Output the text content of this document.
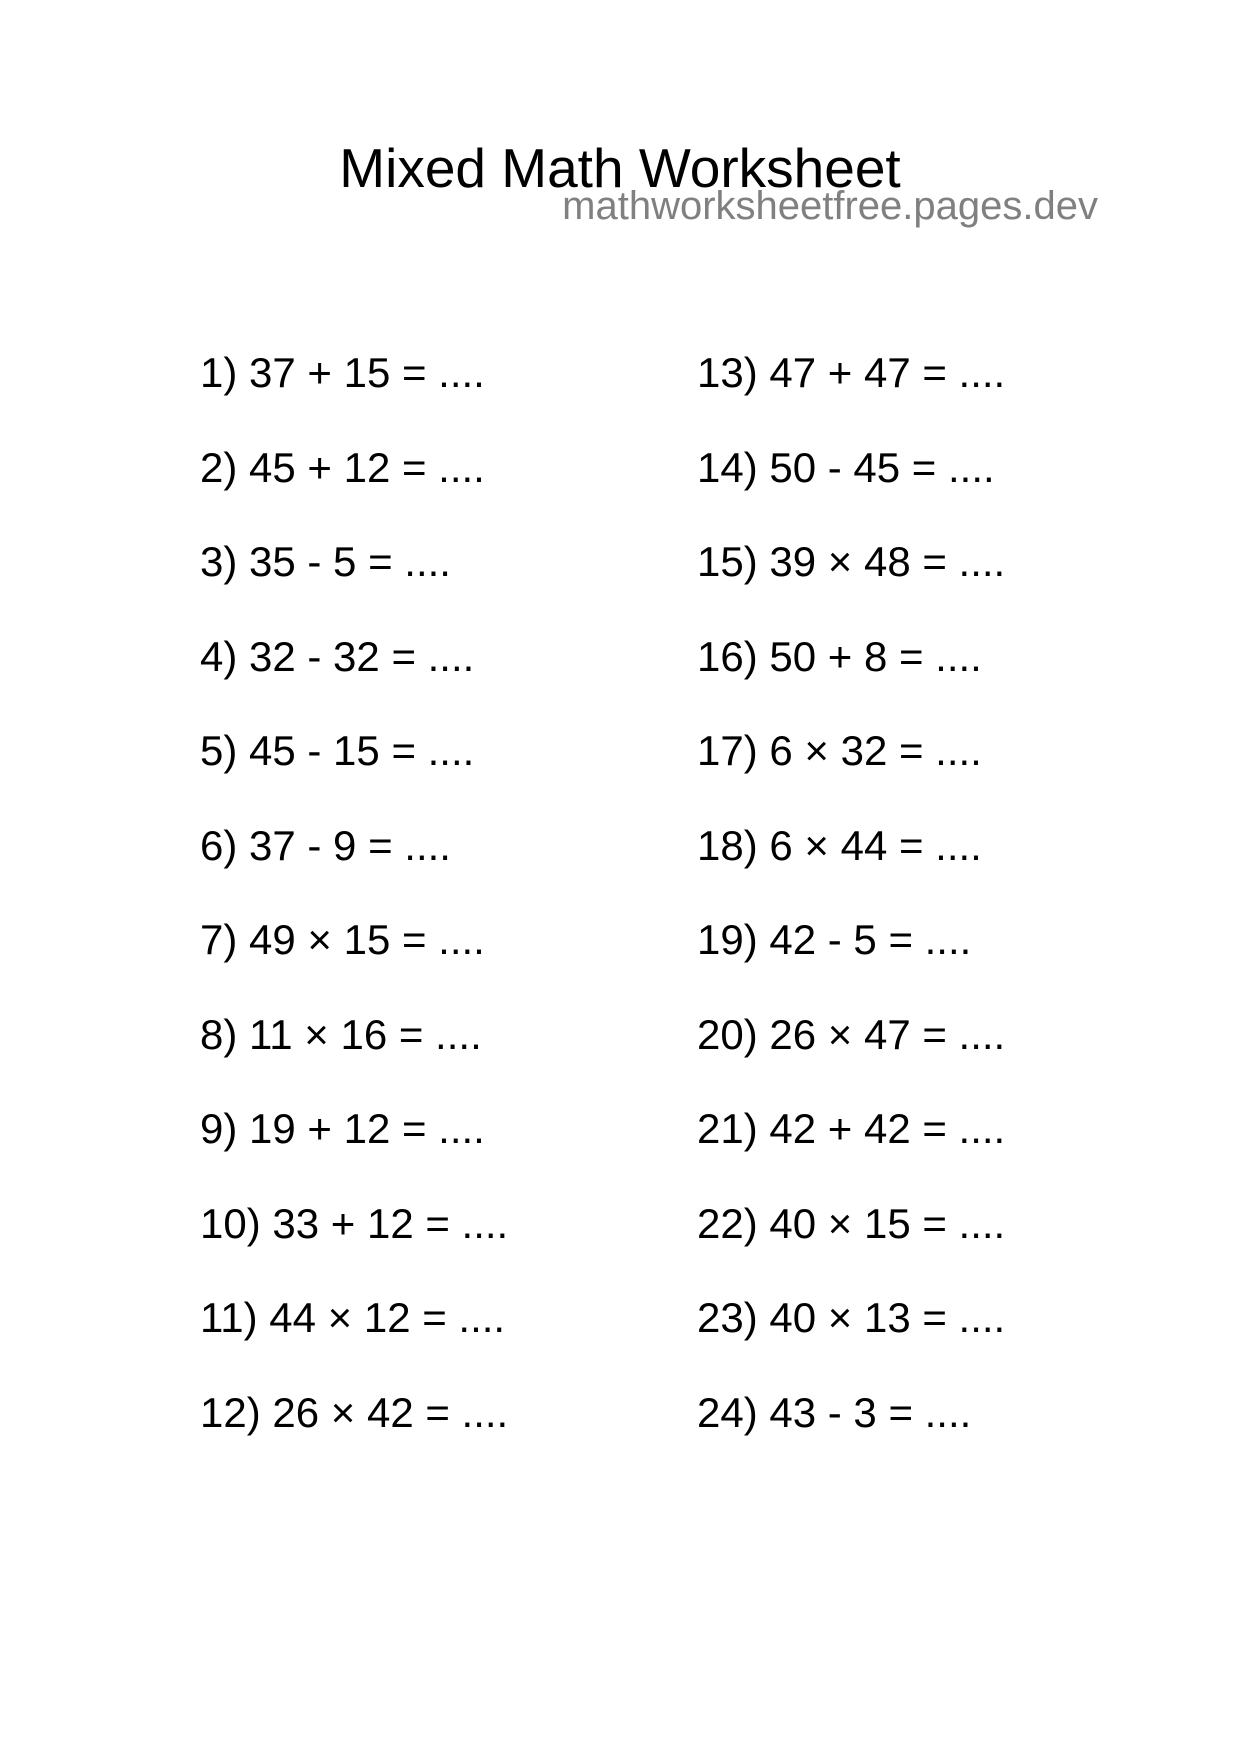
Mixed Math Worksheet
mathworksheetfree.pages.dev
1) 37 + 15 = ....
2) 45 + 12 = ....
3) 35 - 5 = ....
4) 32 - 32 = ....
5) 45 - 15 = ....
6) 37 - 9 = ....
7) 49 × 15 = ....
8) 11 × 16 = ....
9) 19 + 12 = ....
10) 33 + 12 = ....
11) 44 × 12 = ....
12) 26 × 42 = ....
13) 47 + 47 = ....
14) 50 - 45 = ....
15) 39 × 48 = ....
16) 50 + 8 = ....
17) 6 × 32 = ....
18) 6 × 44 = ....
19) 42 - 5 = ....
20) 26 × 47 = ....
21) 42 + 42 = ....
22) 40 × 15 = ....
23) 40 × 13 = ....
24) 43 - 3 = ....
